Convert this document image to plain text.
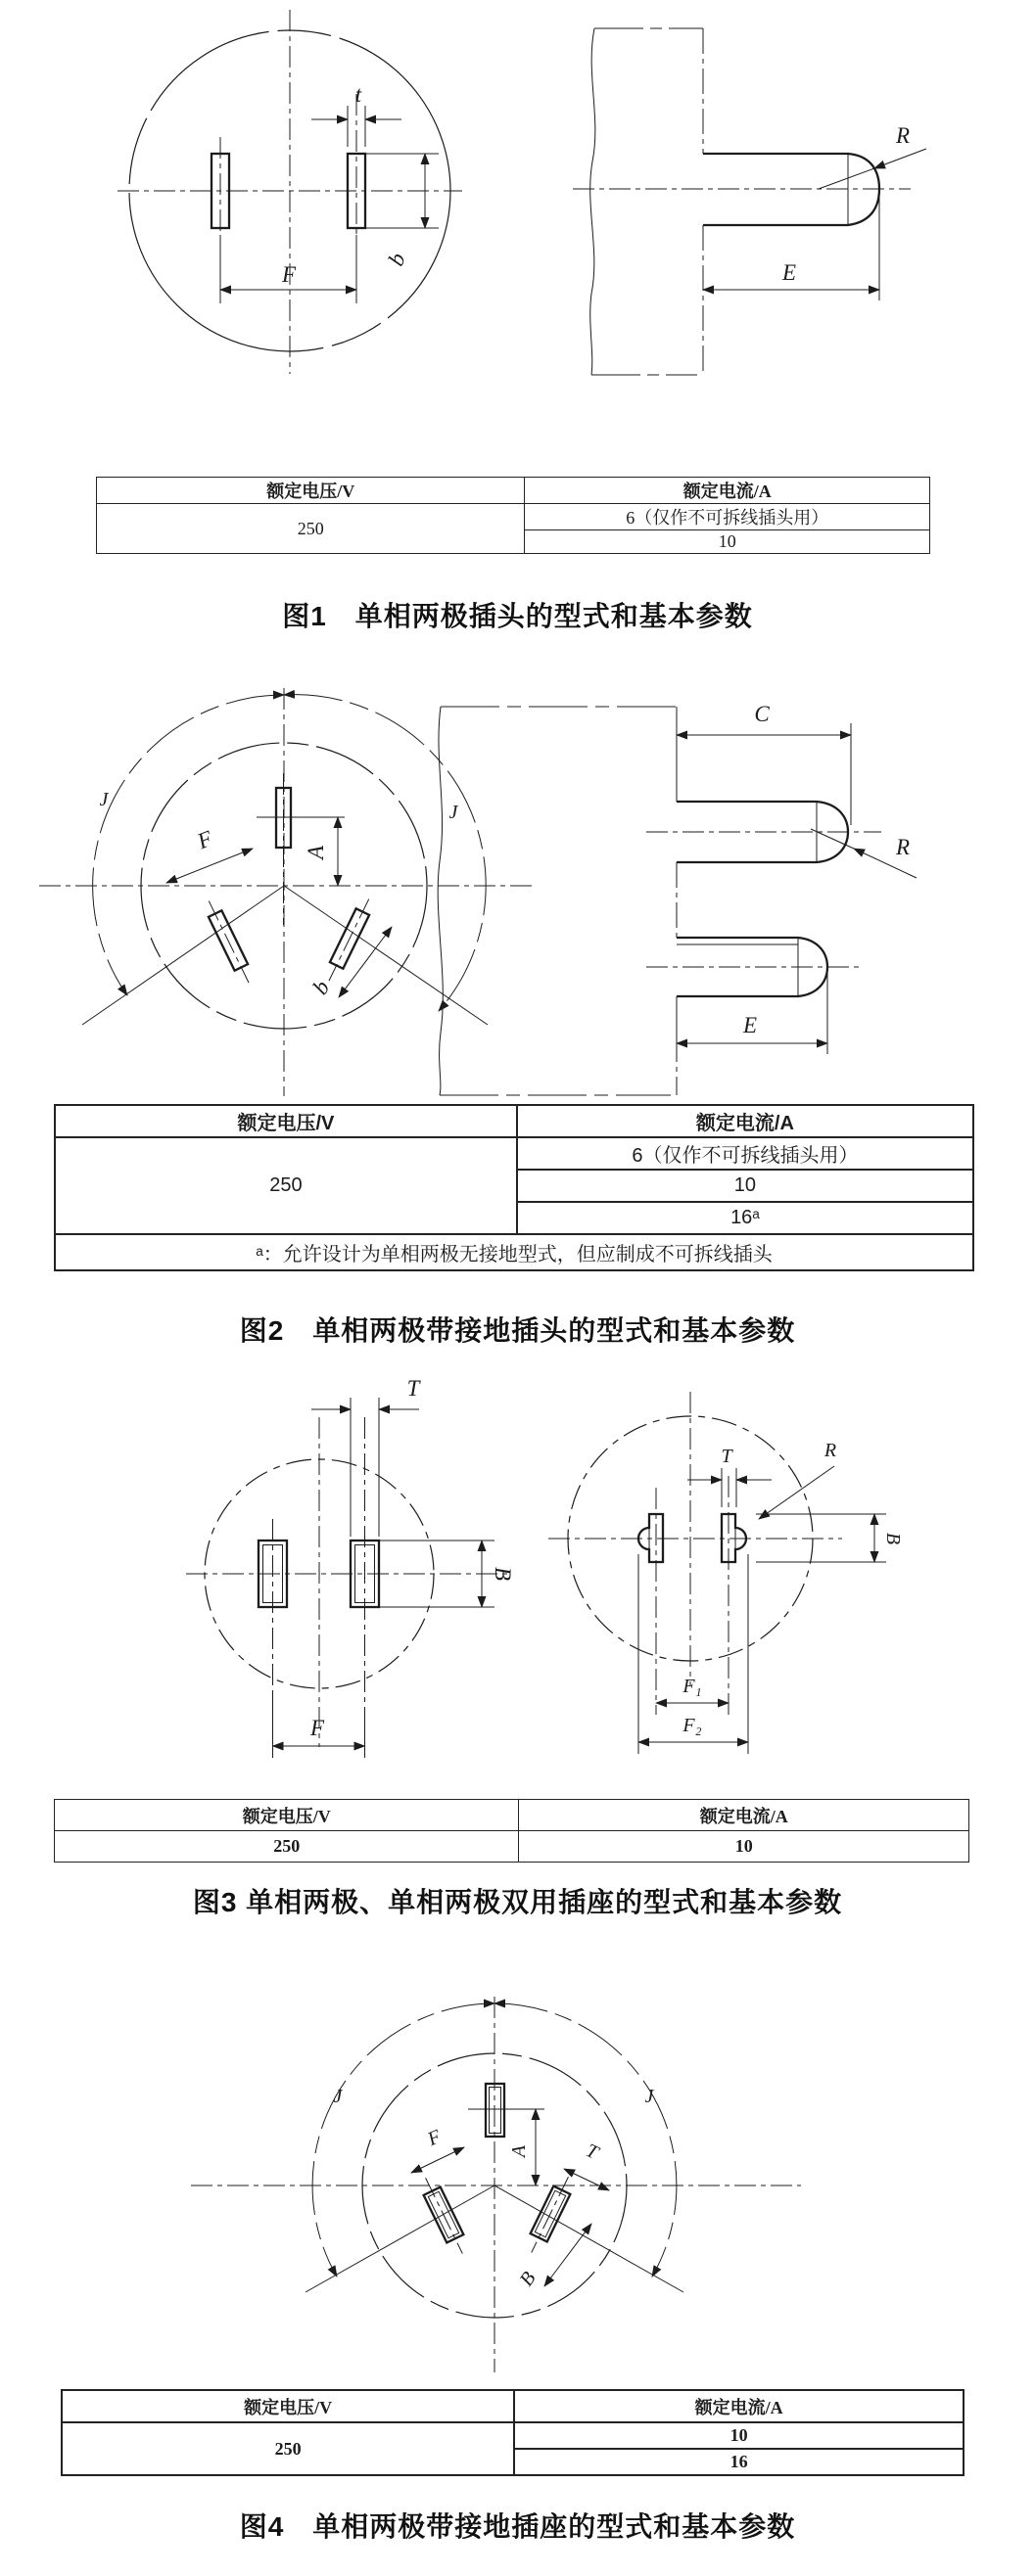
t
b
F
R
E
额定电压/V	额定电流/A
250	6（仅作不可拆线插头用）
	10
图1　单相两极插头的型式和基本参数
J
J
A
F
b
C
R
E
额定电压/V	额定电流/A
250	6（仅作不可拆线插头用）
	10
	16ᵃ
ᵃ：允许设计为单相两极无接地型式，但应制成不可拆线插头	
图2　单相两极带接地插头的型式和基本参数
T
B
F
T	R
B
F₁
F₂
额定电压/V	额定电流/A
250	10
图3 单相两极、单相两极双用插座的型式和基本参数
J	J
A
F
T
B
额定电压/V	额定电流/A
250	10
	16
图4　单相两极带接地插座的型式和基本参数
